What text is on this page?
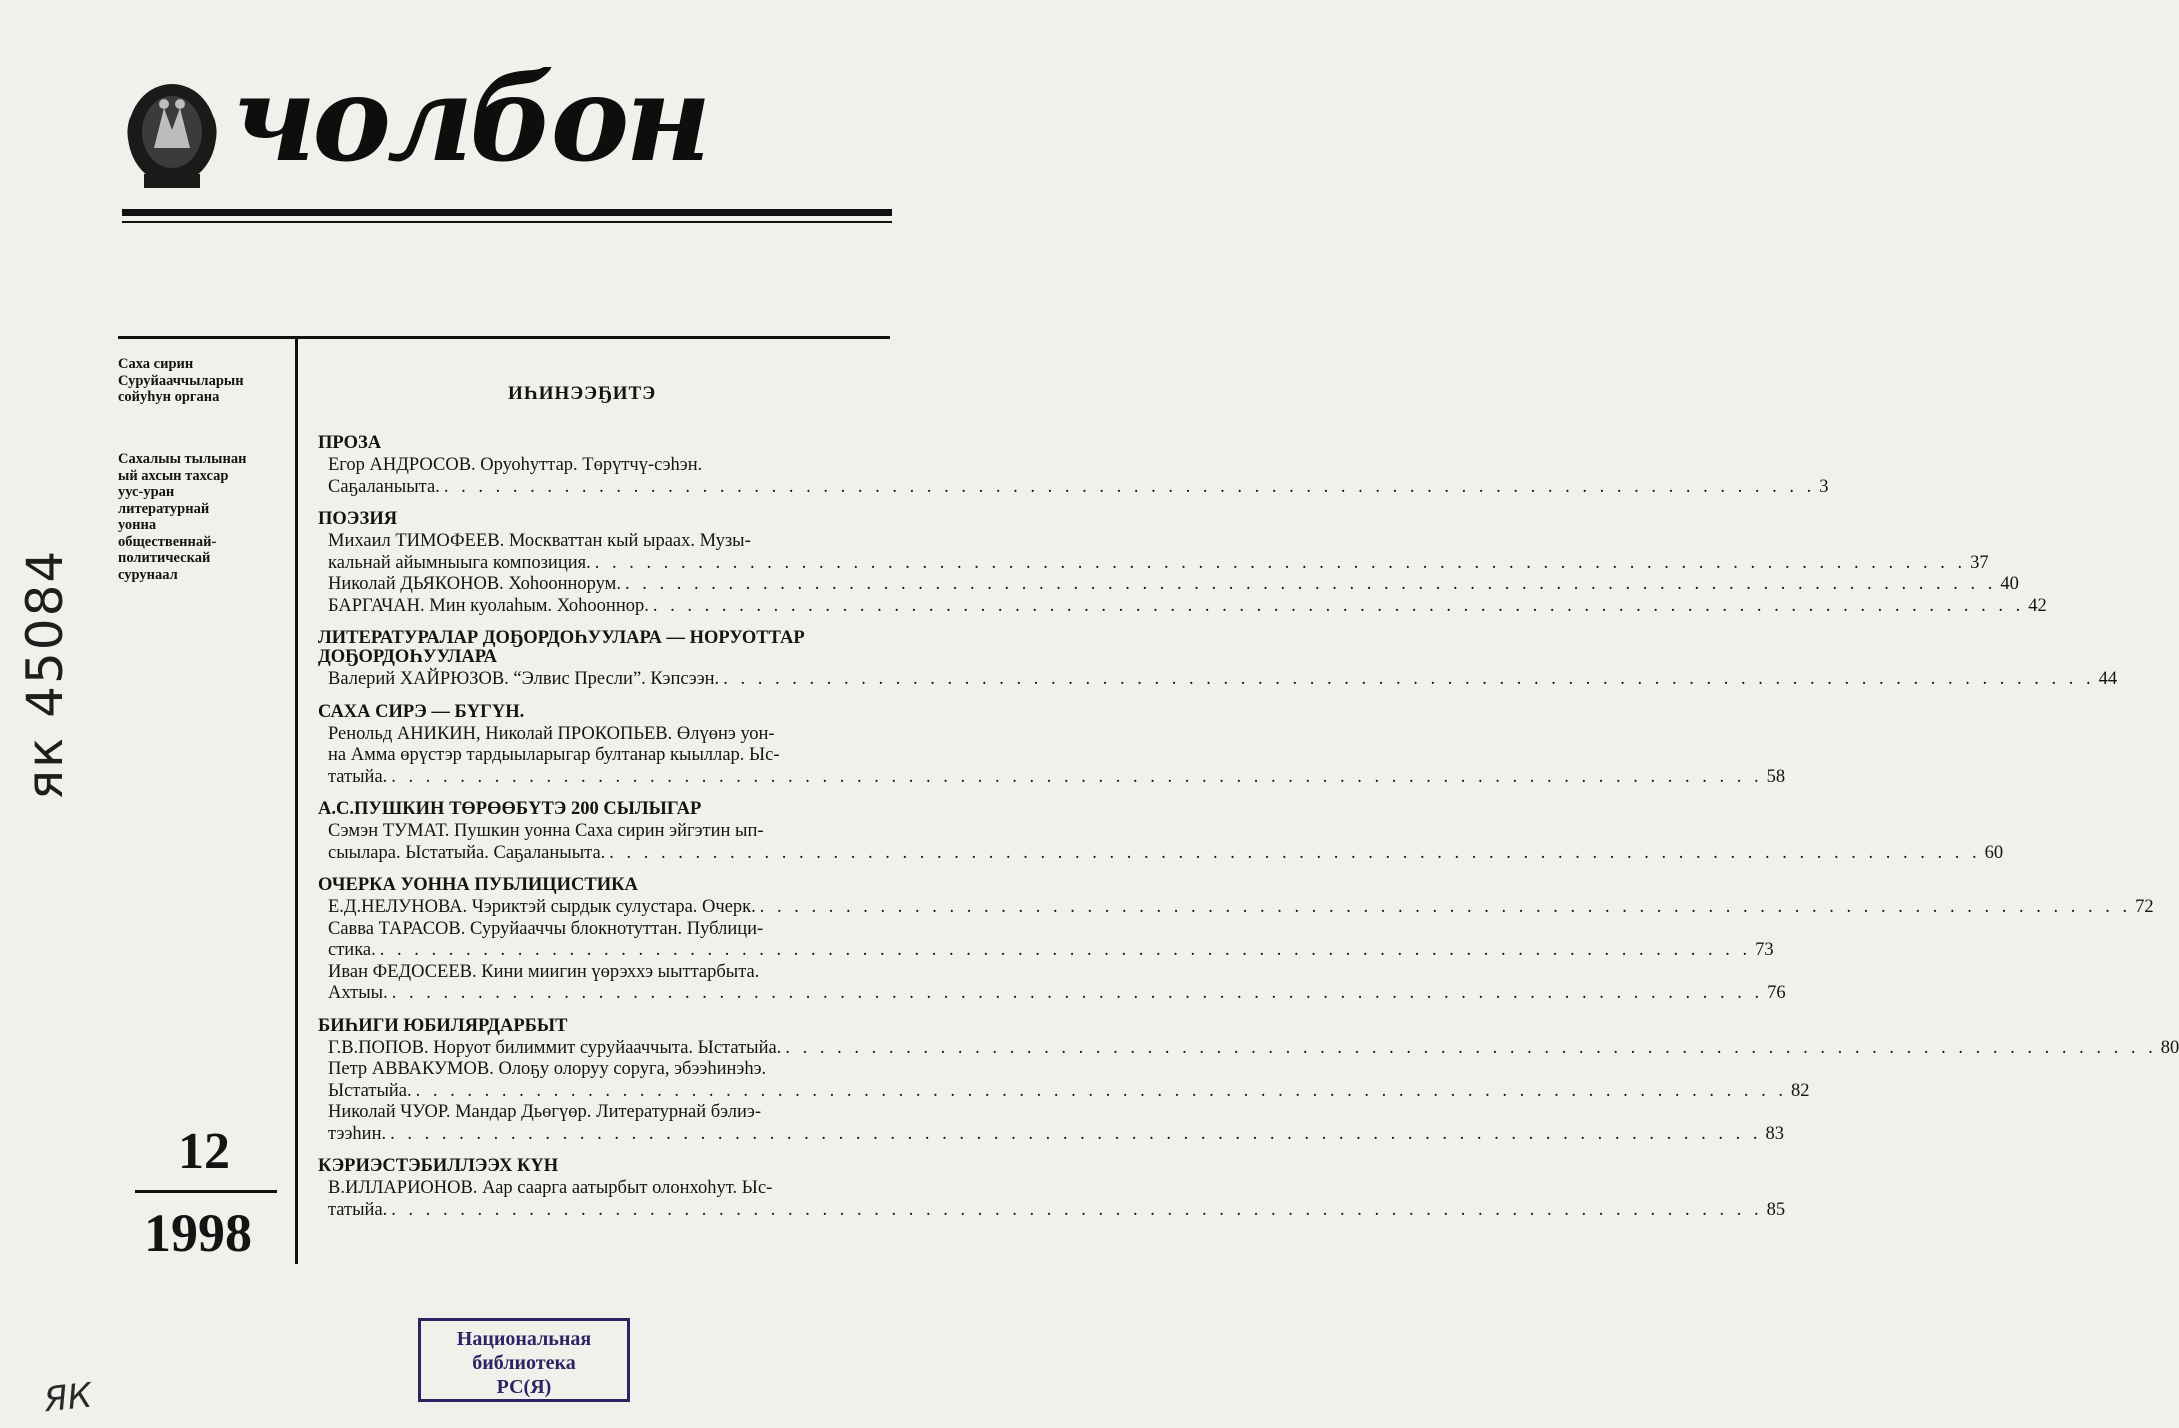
чолбон
Саха сирин
Суруйааччыларын
сойуhун органа
Сахалыы тылынан
ый ахсын тахсар
уус-уран
литературнай
уонна
общественнай-
политическай
сурунаал
12
1998
ИҺИНЭЭҔИТЭ
ПРОЗА
Егор АНДРОСОВ. Оруоhуттар. Төрүтчү-сэhэн.
Саҕаланыыта. . . . . . . . . . . . . . . . . . . . . . . . . . . . . . . . . . . . . . . . . . . . . . . . . . . . . . . . . . . . . . . . . . . . . . . . . . . . . . . . . 3
ПОЭЗИЯ
Михаил ТИМОФЕЕВ. Москваттан кый ыраах. Музы-
кальнай айымныыга композиция. . . . . . . . . . . . . . . . . . . . . . . . . . . . . . . . . . . . . . . . . . . . . . . . . . . . . . . . . . . . . . . . . . . . . . . . . . . . . . . . . 37
Николай ДЬЯКОНОВ. Хоhооннорум. . . . . . . . . . . . . . . . . . . . . . . . . . . . . . . . . . . . . . . . . . . . . . . . . . . . . . . . . . . . . . . . . . . . . . . . . . . . . . . . . 40
БАРГАЧАН. Мин куолаhым. Хоhооннор. . . . . . . . . . . . . . . . . . . . . . . . . . . . . . . . . . . . . . . . . . . . . . . . . . . . . . . . . . . . . . . . . . . . . . . . . . . . . . . . . 42
ЛИТЕРАТУРАЛАР ДОҔОРДОҺУУЛАРА — НОРУОТТАР
ДОҔОРДОҺУУЛАРА
Валерий ХАЙРЮЗОВ. “Элвис Пресли”. Кэпсээн. . . . . . . . . . . . . . . . . . . . . . . . . . . . . . . . . . . . . . . . . . . . . . . . . . . . . . . . . . . . . . . . . . . . . . . . . . . . . . . . . 44
САХА СИРЭ — БҮГҮН.
Ренольд АНИКИН, Николай ПРОКОПЬЕВ. Өлүөнэ уон-
на Амма өрүстэр тардыыларыгар бултанар кыыллар. Ыс-
татыйа. . . . . . . . . . . . . . . . . . . . . . . . . . . . . . . . . . . . . . . . . . . . . . . . . . . . . . . . . . . . . . . . . . . . . . . . . . . . . . . . . 58
А.С.ПУШКИН ТӨРӨӨБҮТЭ 200 СЫЛЫГАР
Сэмэн ТУМАТ. Пушкин уонна Саха сирин эйгэтин ып-
сыылара. Ыстатыйа. Саҕаланыыта. . . . . . . . . . . . . . . . . . . . . . . . . . . . . . . . . . . . . . . . . . . . . . . . . . . . . . . . . . . . . . . . . . . . . . . . . . . . . . . . . 60
ОЧЕРКА УОННА ПУБЛИЦИСТИКА
Е.Д.НЕЛУНОВА. Чэриктэй сырдык сулустара. Очерк. . . . . . . . . . . . . . . . . . . . . . . . . . . . . . . . . . . . . . . . . . . . . . . . . . . . . . . . . . . . . . . . . . . . . . . . . . . . . . . . . 72
Савва ТАРАСОВ. Суруйааччы блокнотуттан. Публици-
стика. . . . . . . . . . . . . . . . . . . . . . . . . . . . . . . . . . . . . . . . . . . . . . . . . . . . . . . . . . . . . . . . . . . . . . . . . . . . . . . . . 73
Иван ФЕДОСЕЕВ. Кини миигин үөрэххэ ыыттарбыта.
Ахтыы. . . . . . . . . . . . . . . . . . . . . . . . . . . . . . . . . . . . . . . . . . . . . . . . . . . . . . . . . . . . . . . . . . . . . . . . . . . . . . . . . 76
БИҺИГИ ЮБИЛЯРДАРБЫТ
Г.В.ПОПОВ. Норуот билиммит суруйааччыта. Ыстатыйа. . . . . . . . . . . . . . . . . . . . . . . . . . . . . . . . . . . . . . . . . . . . . . . . . . . . . . . . . . . . . . . . . . . . . . . . . . . . . . . . . 80
Петр АВВАКУМОВ. Олоҕу олоруу соруга, эбээhинэhэ.
Ыстатыйа. . . . . . . . . . . . . . . . . . . . . . . . . . . . . . . . . . . . . . . . . . . . . . . . . . . . . . . . . . . . . . . . . . . . . . . . . . . . . . . . . 82
Николай ЧУОР. Мандар Дьөгүөр. Литературнай бэлиэ-
тээhин. . . . . . . . . . . . . . . . . . . . . . . . . . . . . . . . . . . . . . . . . . . . . . . . . . . . . . . . . . . . . . . . . . . . . . . . . . . . . . . . . 83
КЭРИЭСТЭБИЛЛЭЭХ КҮН
В.ИЛЛАРИОНОВ. Аар саарга аатырбыт олонхоhут. Ыс-
татыйа. . . . . . . . . . . . . . . . . . . . . . . . . . . . . . . . . . . . . . . . . . . . . . . . . . . . . . . . . . . . . . . . . . . . . . . . . . . . . . . . . 85
Национальная
библиотека
РС(Я)
як 45084
ЯК
